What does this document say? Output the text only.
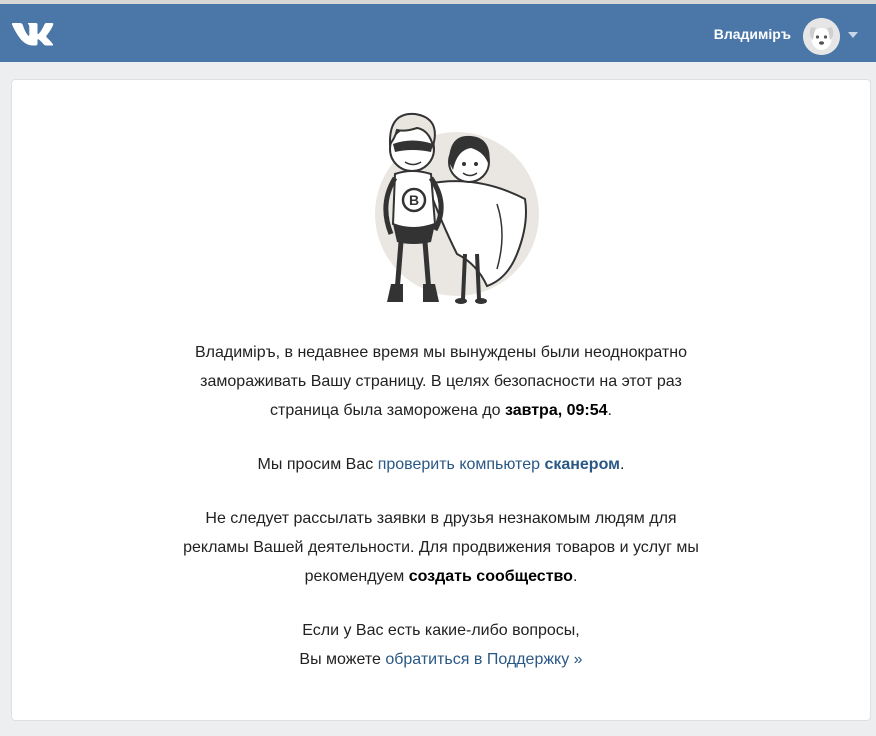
Владиміръ
B

Владиміръ, в недавнее время мы вынуждены были неоднократно
замораживать Вашу страницу. В целях безопасности на этот раз
страница была заморожена до завтра, 09:54.

Мы просим Вас проверить компьютер сканером.

Не следует рассылать заявки в друзья незнакомым людям для
рекламы Вашей деятельности. Для продвижения товаров и услуг мы
рекомендуем создать сообщество.

Если у Вас есть какие-либо вопросы,
Вы можете обратиться в Поддержку »
